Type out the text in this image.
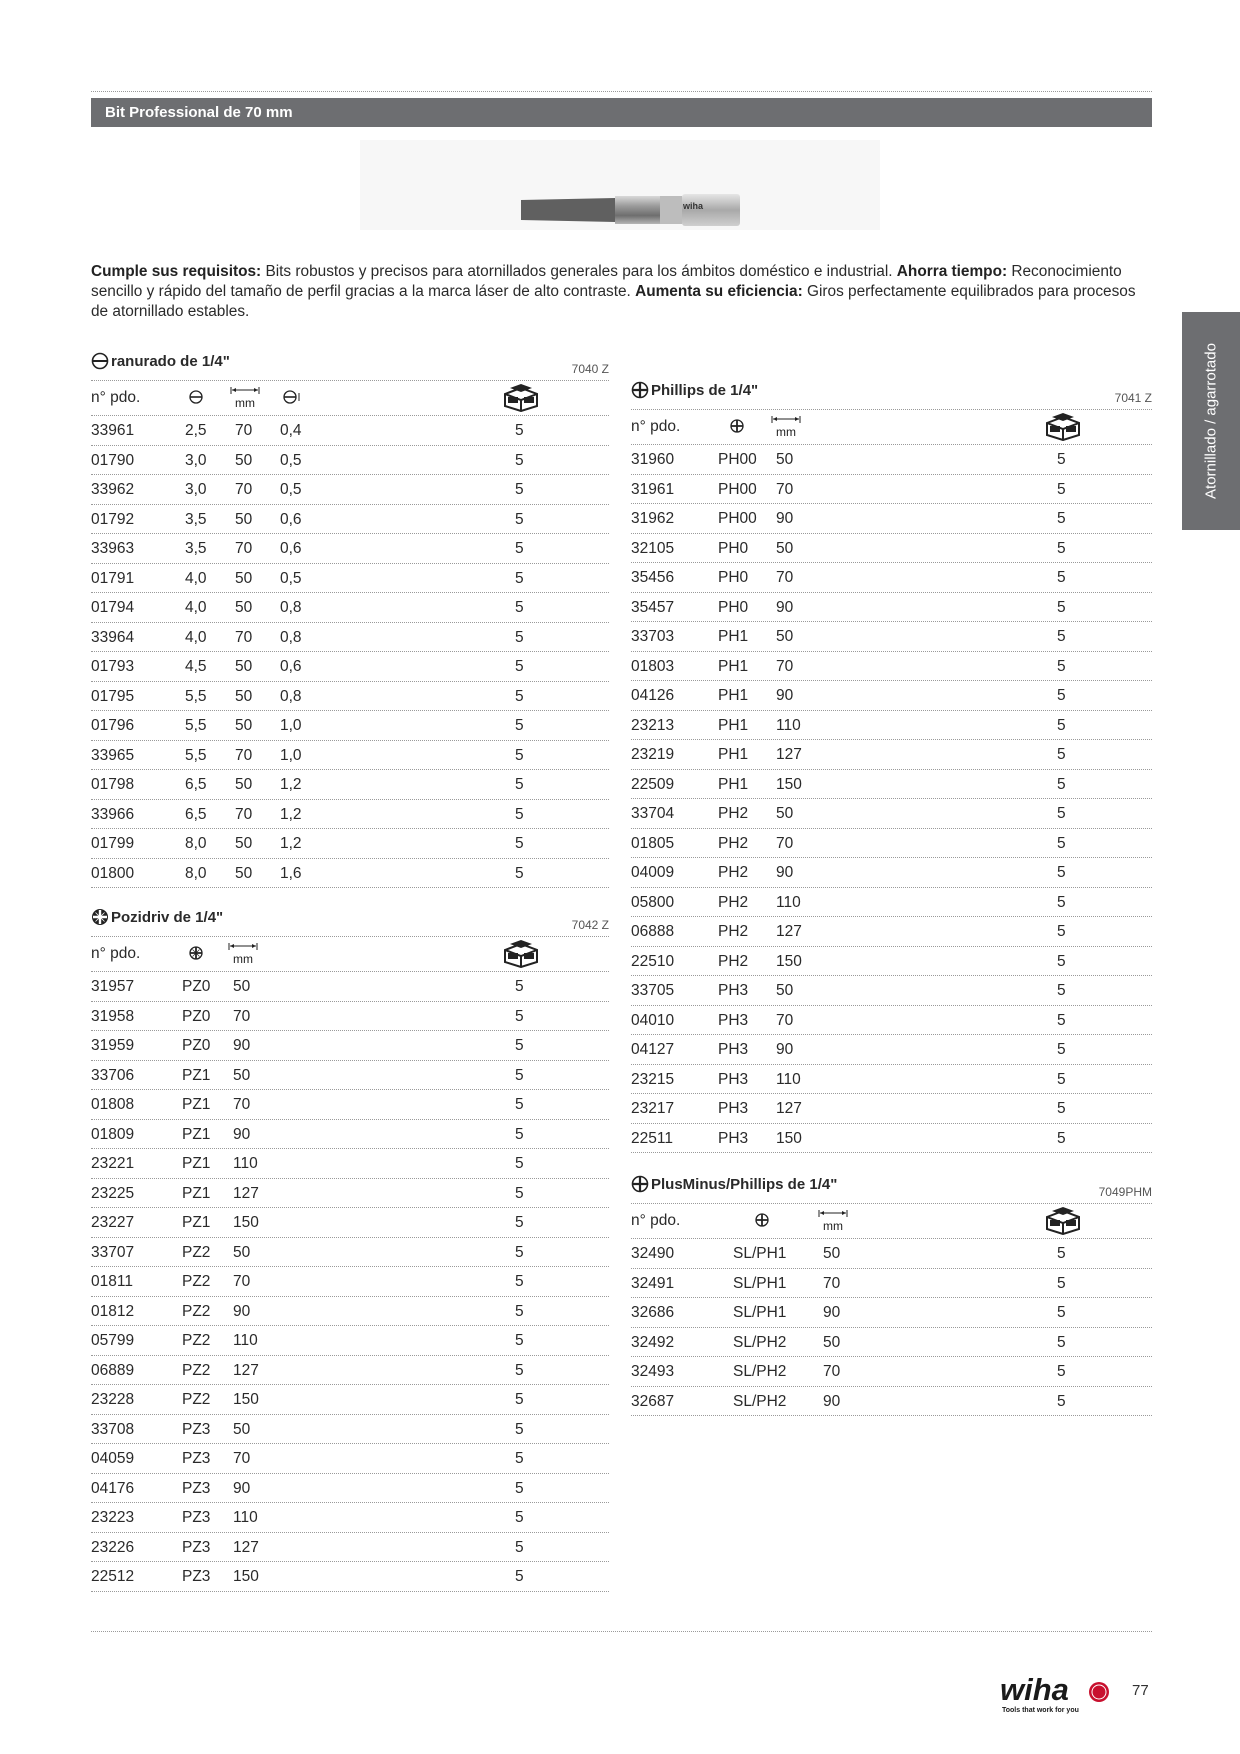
Bit Professional de 70 mm
wiha
Cumple sus requisitos: Bits robustos y precisos para atornillados generales para los ámbitos doméstico e industrial. Ahorra tiempo: Reconocimiento sencillo y rápido del tamaño de perfil gracias a la marca láser de alto contraste. Aumenta su eficiencia: Giros perfectamente equilibrados para procesos de atornillado estables.
Atornillado / agarrotado
ranurado de 1/4"	7040 Z
n° pdo.	mm
33961	2,5 70 0,4	5
01790	3,0 50 0,5	5
33962	3,0 70 0,5	5
01792	3,5 50 0,6	5
33963	3,5 70 0,6	5
01791	4,0 50 0,5	5
01794	4,0 50 0,8	5
33964	4,0 70 0,8	5
01793	4,5 50 0,6	5
01795	5,5 50 0,8	5
01796	5,5 50 1,0	5
33965	5,5 70 1,0	5
01798	6,5 50 1,2	5
33966	6,5 70 1,2	5
01799	8,0 50 1,2	5
01800	8,0 50 1,6	5
Pozidriv de 1/4"	7042 Z
n° pdo.	mm
31957	PZ0 50	5
31958	PZ0 70	5
31959	PZ0 90	5
33706	PZ1 50	5
01808	PZ1 70	5
01809	PZ1 90	5
23221	PZ1 110	5
23225	PZ1 127	5
23227	PZ1 150	5
33707	PZ2 50	5
01811	PZ2 70	5
01812	PZ2 90	5
05799	PZ2 110	5
06889	PZ2 127	5
23228	PZ2 150	5
33708	PZ3 50	5
04059	PZ3 70	5
04176	PZ3 90	5
23223	PZ3 110	5
23226	PZ3 127	5
22512	PZ3 150	5
Phillips de 1/4"	7041 Z
n° pdo.	mm
31960	PH00 50	5
31961	PH00 70	5
31962	PH00 90	5
32105	PH0 50	5
35456	PH0 70	5
35457	PH0 90	5
33703	PH1 50	5
01803	PH1 70	5
04126	PH1 90	5
23213	PH1 110	5
23219	PH1 127	5
22509	PH1 150	5
33704	PH2 50	5
01805	PH2 70	5
04009	PH2 90	5
05800	PH2 110	5
06888	PH2 127	5
22510	PH2 150	5
33705	PH3 50	5
04010	PH3 70	5
04127	PH3 90	5
23215	PH3 110	5
23217	PH3 127	5
22511	PH3 150	5
PlusMinus/Phillips de 1/4"	7049PHM
n° pdo.	mm
32490	SL/PH1 50	5
32491	SL/PH1 70	5
32686	SL/PH1 90	5
32492	SL/PH2 50	5
32493	SL/PH2 70	5
32687	SL/PH2 90	5
wiha
Tools that work for you
77
